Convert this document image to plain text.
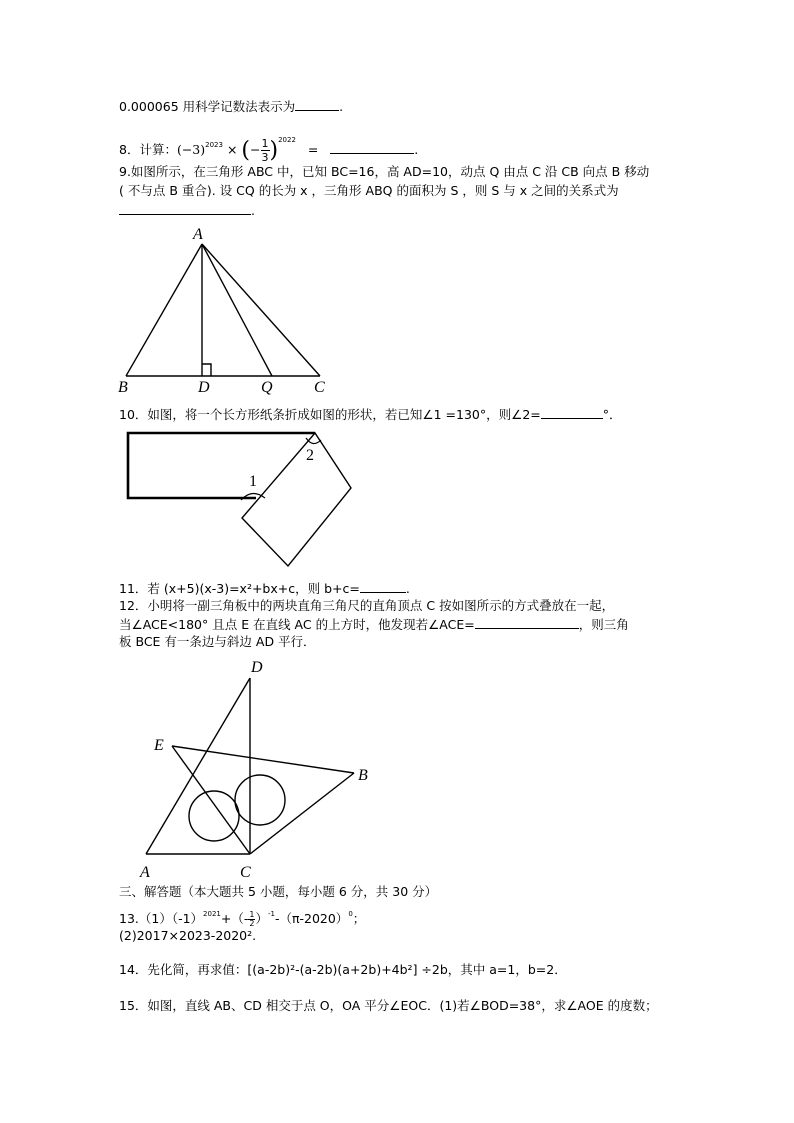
0.000065 用科学记数法表示为	.
8．计算：$(-3)^{2023}$ × (− $\frac{1}{3} )^{2022}$   =	.
9.如图所示，在三角形 ABC 中，已知 BC=16，高 AD=10，动点 Q 由点 C 沿 CB 向点 B 移动
( 不与点 B 重合). 设 CQ 的长为 x ，三角形 ABQ 的面积为 S ，则 S 与 x 之间的关系式为
.
A
B	D	Q	C
10．如图，将一个长方形纸条折成如图的形状，若已知∠1 =130°，则∠2=	°．
1
2
11．若 (x+5)(x-3)=x²+bx+c，则 b+c=	.
12．小明将一副三角板中的两块直角三角尺的直角顶点 C 按如图所示的方式叠放在一起，
当∠ACE<180° 且点 E 在直线 AC 的上方时，他发现若∠ACE=	，则三角
板 BCE 有一条边与斜边 AD 平行．
D
E
B
A	C
三、解答题（本大题共 5 小题，每小题 6 分，共 30 分）
$13.(1)(-1)^{2021}+(- \frac{1}{2} )^{-1}-(\pi-2020)^0$；
(2)2017×2023-2020².
14．先化简，再求值：[(a-2b)²-(a-2b)(a+2b)+4b²] ÷2b，其中 a=1，b=2．
15．如图，直线 AB、CD 相交于点 O，OA 平分∠EOC．(1)若∠BOD=38°，求∠AOE 的度数；
